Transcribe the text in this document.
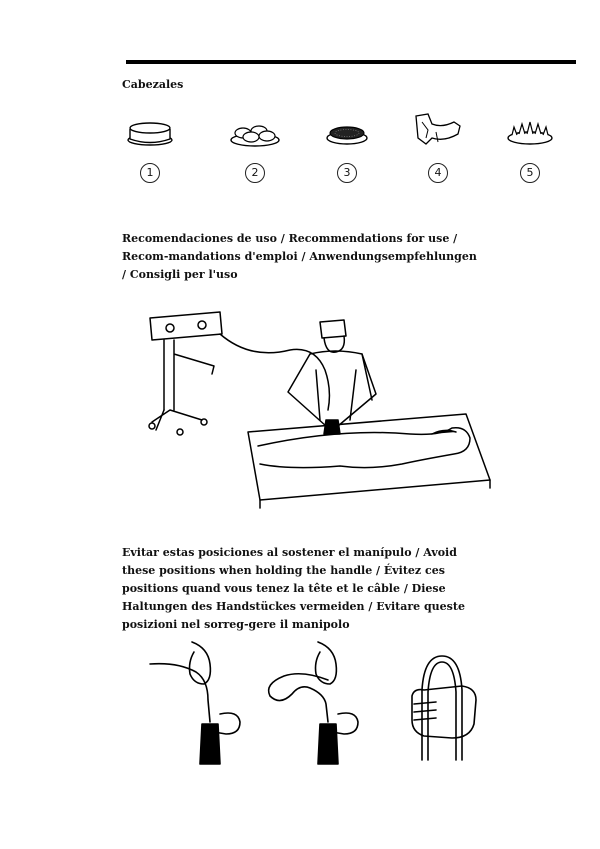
Cabezales
1	2	3	4	5
Recomendaciones de uso / Recommendations for use / Recom-mandations d'emploi / Anwendungsempfehlungen / Consigli per l'uso
Evitar estas posiciones al sostener el manípulo / Avoid these positions when holding the handle / Évitez ces positions quand vous tenez la tête et le câble / Diese Haltungen des Handstückes vermeiden / Evitare queste posizioni nel sorreg-gere il manipolo
